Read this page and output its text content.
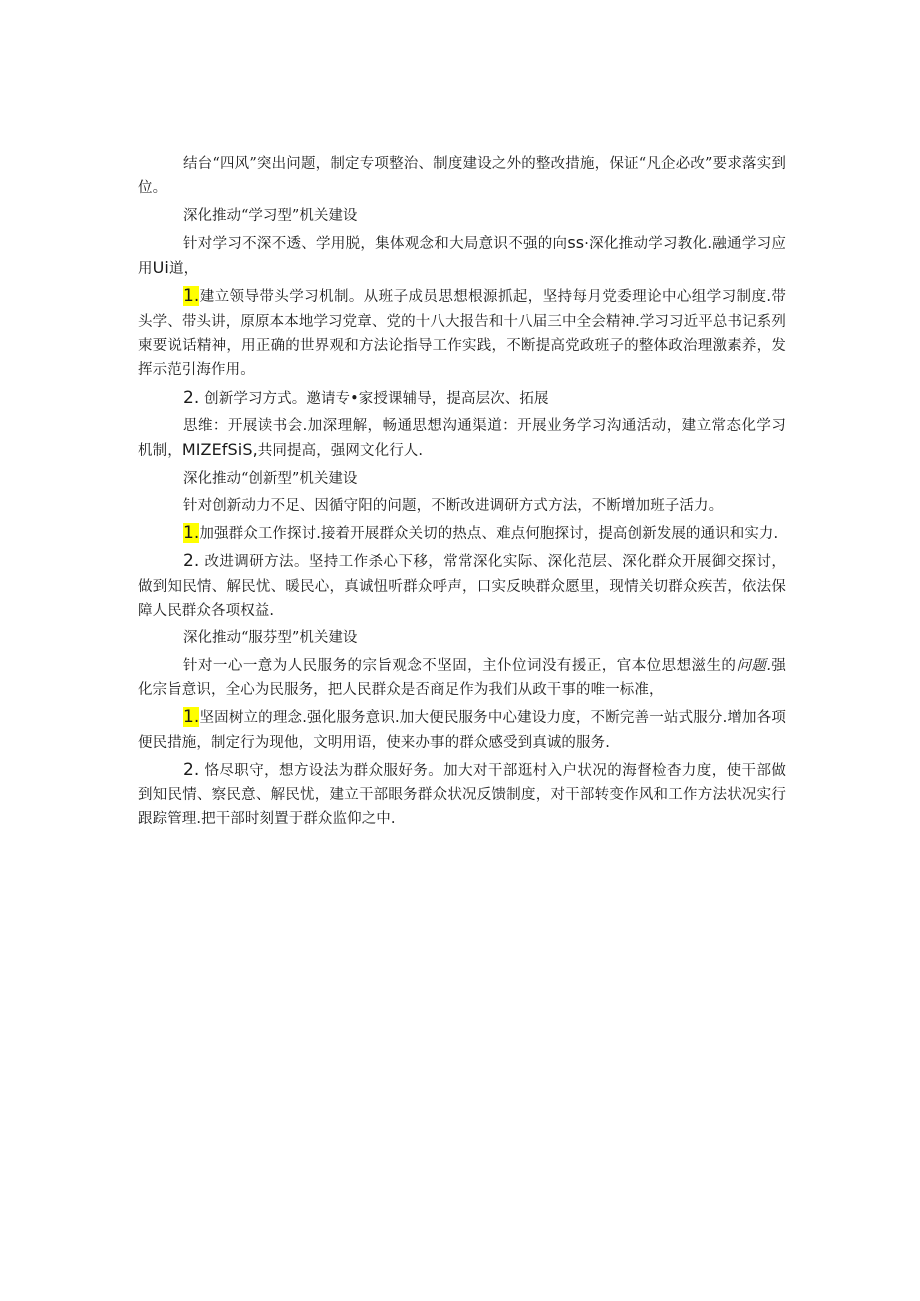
结台“四风”突出问题，制定专项整治、制度建设之外的整改措施，保证“凡企必改”要求落实到位。

深化推动“学习型”机关建设

针对学习不深不透、学用脱，集体观念和大局意识不强的向ss·深化推动学习教化.融通学习应用Ui道，

1.建立领导带头学习机制。从班子成员思想根源抓起，坚持每月党委理论中心组学习制度.带头学、带头讲，原原本本地学习党章、党的十八大报告和十八届三中全会精神.学习习近平总书记系列柬要说话精神，用正确的世界观和方法论指导工作实践，不断提高党政班子的整体政治理激素养，发挥示范引海作用。

2. 创新学习方式。邀请专•家授课辅导，提高层次、拓展

思维：开展读书会.加深理解，畅通思想沟通渠道：开展业务学习沟通活动，建立常态化学习机制，MIZEfSiS,共同提高，强网文化行人.

深化推动“创新型”机关建设

针对创新动力不足、因循守阳的问题，不断改进调研方式方法，不断增加班子活力。

1.加强群众工作探讨.接着开展群众关切的热点、难点何胞探讨，提高创新发展的通识和实力.

2. 改进调研方法。坚持工作杀心下移，常常深化实际、深化范层、深化群众开展御交探讨，做到知民情、解民忧、暖民心，真诚忸听群众呼声，口实反映群众愿里，现情关切群众疾苦，依法保障人民群众各项权益.

深化推动“服芬型”机关建设

针对一心一意为人民服务的宗旨观念不坚固，主仆位词没有援正，官本位思想滋生的问题.强化宗旨意识，全心为民服务，把人民群众是否商足作为我们从政干事的唯一标准，

1.坚固树立的理念.强化服务意识.加大便民服务中心建设力度，不断完善一站式服分.增加各项便民措施，制定行为现他，文明用语，使来办事的群众感受到真诚的服务.

2. 恪尽职守，想方设法为群众服好务。加大对干部逛村入户状况的海督检杳力度，使干部做到知民情、察民意、解民忧，建立干部眼务群众状况反馈制度，对干部转变作风和工作方法状况实行跟踪管理.把干部时刻置于群众监仰之中.
